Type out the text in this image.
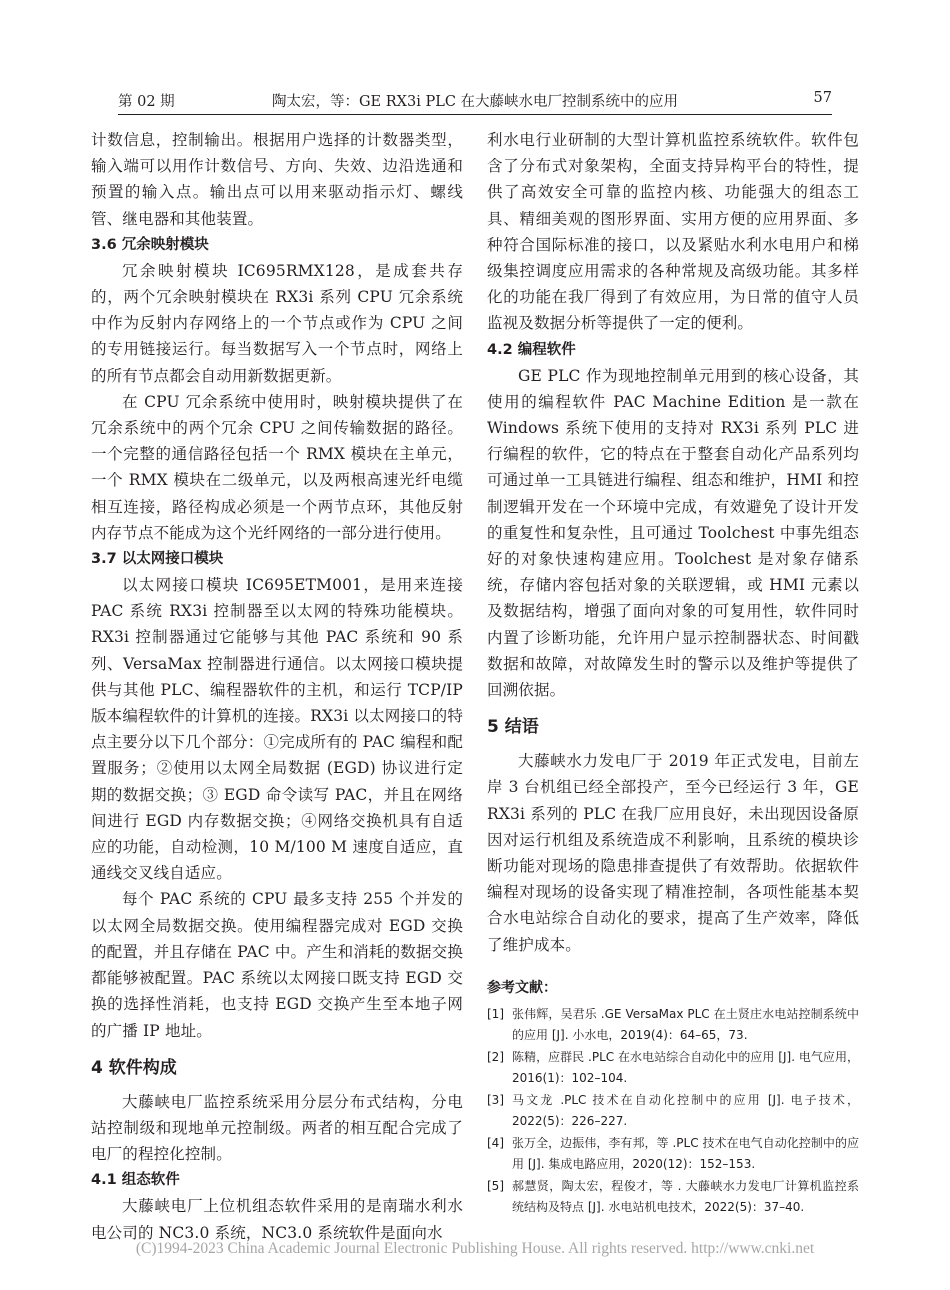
第 02 期	陶太宏，等：GE RX3i PLC 在大藤峡水电厂控制系统中的应用	57

计数信息，控制输出。根据用户选择的计数器类型，输入端可以用作计数信号、方向、失效、边沿选通和预置的输入点。输出点可以用来驱动指示灯、螺线管、继电器和其他装置。

3.6 冗余映射模块

冗余映射模块 IC695RMX128，是成套共存的，两个冗余映射模块在 RX3i 系列 CPU 冗余系统中作为反射内存网络上的一个节点或作为 CPU 之间的专用链接运行。每当数据写入一个节点时，网络上的所有节点都会自动用新数据更新。

在 CPU 冗余系统中使用时，映射模块提供了在冗余系统中的两个冗余 CPU 之间传输数据的路径。一个完整的通信路径包括一个 RMX 模块在主单元，一个 RMX 模块在二级单元，以及两根高速光纤电缆相互连接，路径构成必须是一个两节点环，其他反射内存节点不能成为这个光纤网络的一部分进行使用。

3.7 以太网接口模块

以太网接口模块 IC695ETM001，是用来连接 PAC 系统 RX3i 控制器至以太网的特殊功能模块。RX3i 控制器通过它能够与其他 PAC 系统和 90 系列、VersaMax 控制器进行通信。以太网接口模块提供与其他 PLC、编程器软件的主机，和运行 TCP/IP 版本编程软件的计算机的连接。RX3i 以太网接口的特点主要分以下几个部分：①完成所有的 PAC 编程和配置服务；②使用以太网全局数据 (EGD) 协议进行定期的数据交换；③ EGD 命令读写 PAC，并且在网络间进行 EGD 内存数据交换；④网络交换机具有自适应的功能，自动检测，10 M/100 M 速度自适应，直通线交叉线自适应。

每个 PAC 系统的 CPU 最多支持 255 个并发的以太网全局数据交换。使用编程器完成对 EGD 交换的配置，并且存储在 PAC 中。产生和消耗的数据交换都能够被配置。PAC 系统以太网接口既支持 EGD 交换的选择性消耗，也支持 EGD 交换产生至本地子网的广播 IP 地址。

4 软件构成

大藤峡电厂监控系统采用分层分布式结构，分电站控制级和现地单元控制级。两者的相互配合完成了电厂的程控化控制。

4.1 组态软件

大藤峡电厂上位机组态软件采用的是南瑞水利水电公司的 NC3.0 系统，NC3.0 系统软件是面向水

利水电行业研制的大型计算机监控系统软件。软件包含了分布式对象架构，全面支持异构平台的特性，提供了高效安全可靠的监控内核、功能强大的组态工具、精细美观的图形界面、实用方便的应用界面、多种符合国际标准的接口，以及紧贴水利水电用户和梯级集控调度应用需求的各种常规及高级功能。其多样化的功能在我厂得到了有效应用，为日常的值守人员监视及数据分析等提供了一定的便利。

4.2 编程软件

GE PLC 作为现地控制单元用到的核心设备，其使用的编程软件 PAC Machine Edition 是一款在 Windows 系统下使用的支持对 RX3i 系列 PLC 进行编程的软件，它的特点在于整套自动化产品系列均可通过单一工具链进行编程、组态和维护，HMI 和控制逻辑开发在一个环境中完成，有效避免了设计开发的重复性和复杂性，且可通过 Toolchest 中事先组态好的对象快速构建应用。Toolchest 是对象存储系统，存储内容包括对象的关联逻辑，或 HMI 元素以及数据结构，增强了面向对象的可复用性，软件同时内置了诊断功能，允许用户显示控制器状态、时间戳数据和故障，对故障发生时的警示以及维护等提供了回溯依据。

5 结语

大藤峡水力发电厂于 2019 年正式发电，目前左岸 3 台机组已经全部投产，至今已经运行 3 年，GE RX3i 系列的 PLC 在我厂应用良好，未出现因设备原因对运行机组及系统造成不利影响，且系统的模块诊断功能对现场的隐患排查提供了有效帮助。依据软件编程对现场的设备实现了精准控制，各项性能基本契合水电站综合自动化的要求，提高了生产效率，降低了维护成本。

参考文献：
[1] 张伟辉，吴君乐 .GE VersaMax PLC 在土贤庄水电站控制系统中的应用 [J]. 小水电，2019(4)：64–65，73.
[2] 陈精，应群民 .PLC 在水电站综合自动化中的应用 [J]. 电气应用，2016(1)：102–104.
[3] 马文龙 .PLC 技术在自动化控制中的应用 [J]. 电子技术，2022(5)：226–227.
[4] 张万全，边振伟，李有邦，等 .PLC 技术在电气自动化控制中的应用 [J]. 集成电路应用，2020(12)：152–153.
[5] 郝慧贤，陶太宏，程俊才，等 . 大藤峡水力发电厂计算机监控系统结构及特点 [J]. 水电站机电技术，2022(5)：37–40.
(C)1994-2023 China Academic Journal Electronic Publishing House. All rights reserved. http://www.cnki.net
